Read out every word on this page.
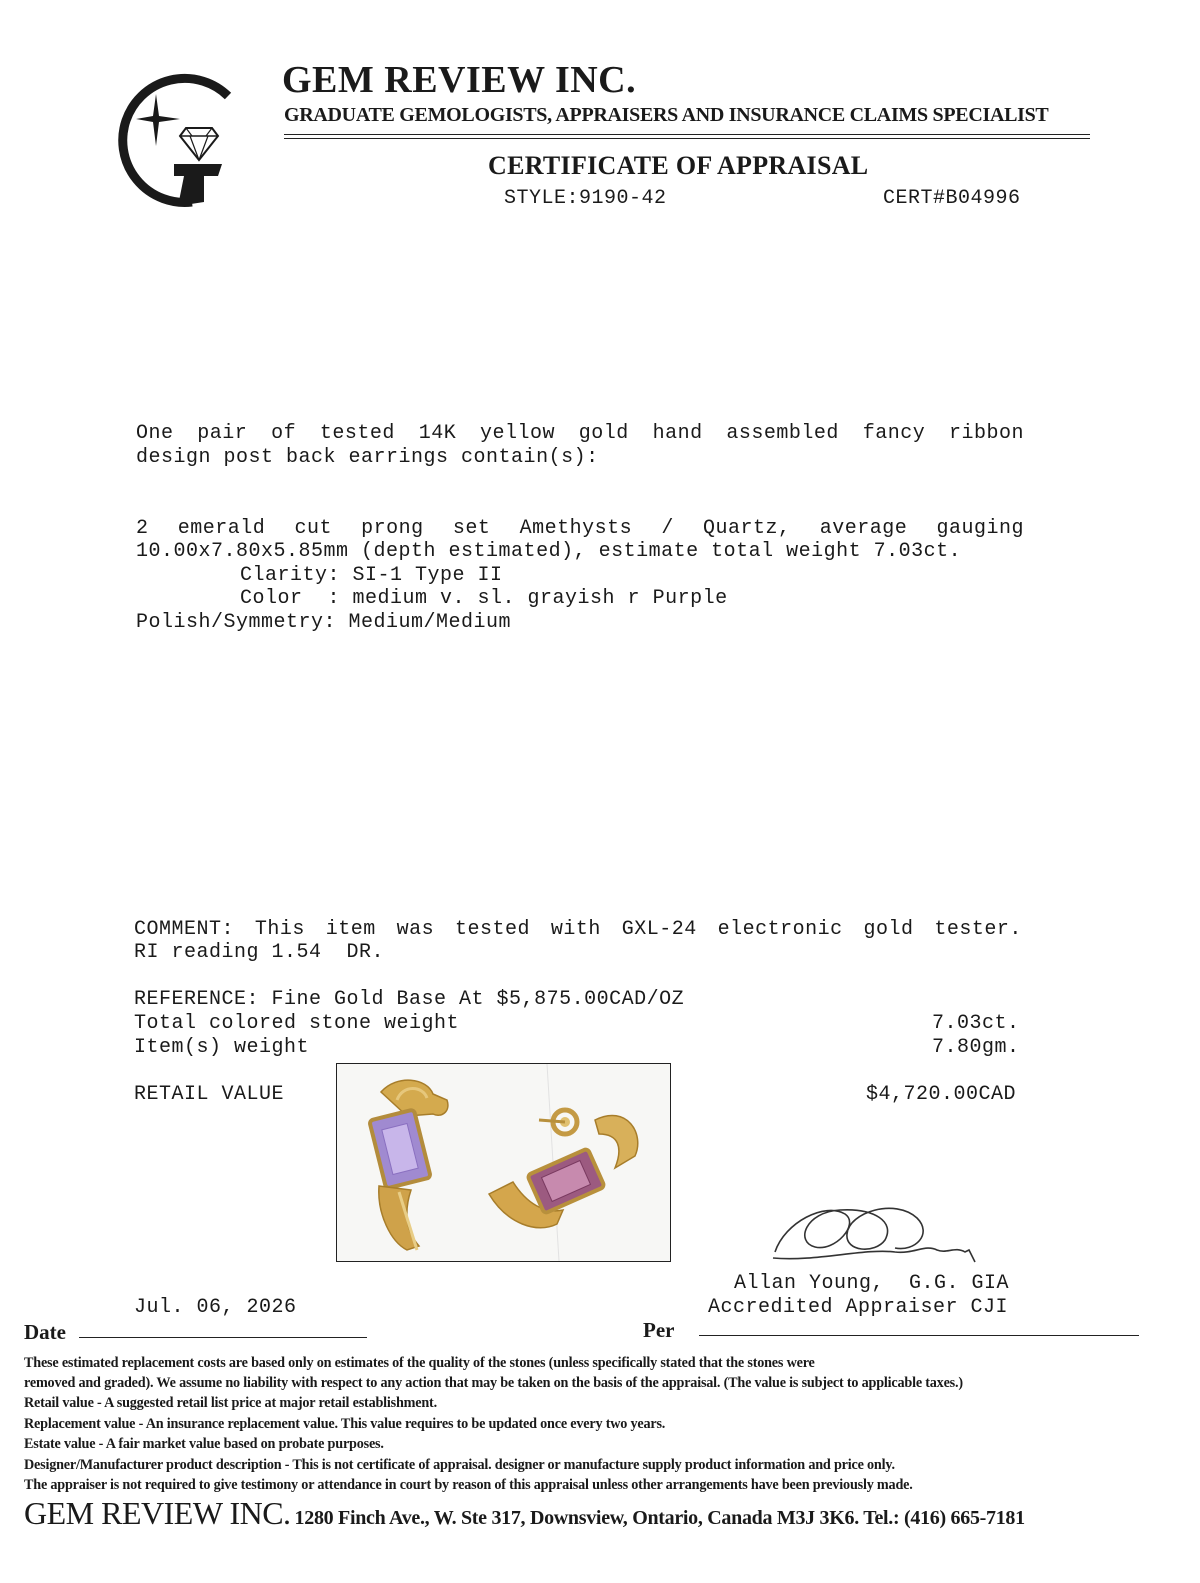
GEM REVIEW INC.
GRADUATE GEMOLOGISTS, APPRAISERS AND INSURANCE CLAIMS SPECIALIST
CERTIFICATE OF APPRAISAL
STYLE:9190-42	CERT#B04996
One pair of tested 14K yellow gold hand assembled fancy ribbon
design post back earrings contain(s):
2 emerald cut prong set Amethysts / Quartz, average gauging
10.00x7.80x5.85mm (depth estimated), estimate total weight 7.03ct.
Clarity: SI-1 Type II
Color  : medium v. sl. grayish r Purple
Polish/Symmetry: Medium/Medium
COMMENT: This item was tested with GXL-24 electronic gold tester.
RI reading 1.54  DR.
REFERENCE: Fine Gold Base At $5,875.00CAD/OZ
Total colored stone weight	7.03ct.
Item(s) weight	7.80gm.
RETAIL VALUE	$4,720.00CAD
Allan Young,  G.G. GIA
Accredited Appraiser CJI
Jul. 06, 2026
Date	Per
These estimated replacement costs are based only on estimates of the quality of the stones (unless specifically stated that the stones were
removed and graded). We assume no liability with respect to any action that may be taken on the basis of the appraisal. (The value is subject to applicable taxes.)
Retail value - A suggested retail list price at major retail establishment.
Replacement value - An insurance replacement value. This value requires to be updated once every two years.
Estate value - A fair market value based on probate purposes.
Designer/Manufacturer product description - This is not certificate of appraisal. designer or manufacture supply product information and price only.
The appraiser is not required to give testimony or attendance in court by reason of this appraisal unless other arrangements have been previously made.
GEM REVIEW INC. 1280 Finch Ave., W. Ste 317, Downsview, Ontario, Canada M3J 3K6. Tel.: (416) 665-7181
